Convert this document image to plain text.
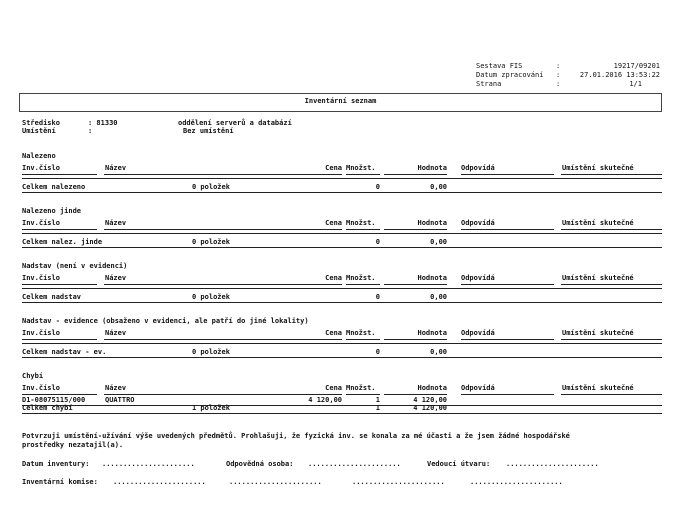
Sestava FIS	:	19217/09201
Datum zpracování :	27.01.2016 13:53:22
Strana	:	1/1
Inventární seznam
Středisko	: 81330	oddělení serverů a databází
Umístění	:	Bez umístění
Nalezeno
Inv.číslo	Název	Cena Množst.	Hodnota Odpovídá	Umístění skutečné
Celkem nalezeno	0 položek	0	0,00
Nalezeno jinde
Inv.číslo	Název	Cena Množst.	Hodnota Odpovídá	Umístění skutečné
Celkem nalez. jinde	0 položek	0	0,00
Nadstav (není v evidenci)
Inv.číslo	Název	Cena Množst.	Hodnota Odpovídá	Umístění skutečné
Celkem nadstav	0 položek	0	0,00
Nadstav - evidence (obsaženo v evidenci, ale patří do jiné lokality)
Inv.číslo	Název	Cena Množst.	Hodnota Odpovídá	Umístění skutečné
Celkem nadstav - ev.	0 položek	0	0,00
Chybí
Inv.číslo	Název	Cena Množst.	Hodnota Odpovídá	Umístění skutečné
D1-08075115/000	QUATTRO	4 120,00	1	4 120,00
Celkem chybí	1 položek	1	4 120,00
Potvrzuji umístění-užívání výše uvedených předmětů. Prohlašuji, že fyzická inv. se konala za mé účasti a že jsem žádné hospodářské
prostředky nezatajil(a).
Datum inventury: ......................	Odpovědná osoba: ......................	Vedoucí útvaru: ......................
Inventární komise: ......................	......................	......................	......................
